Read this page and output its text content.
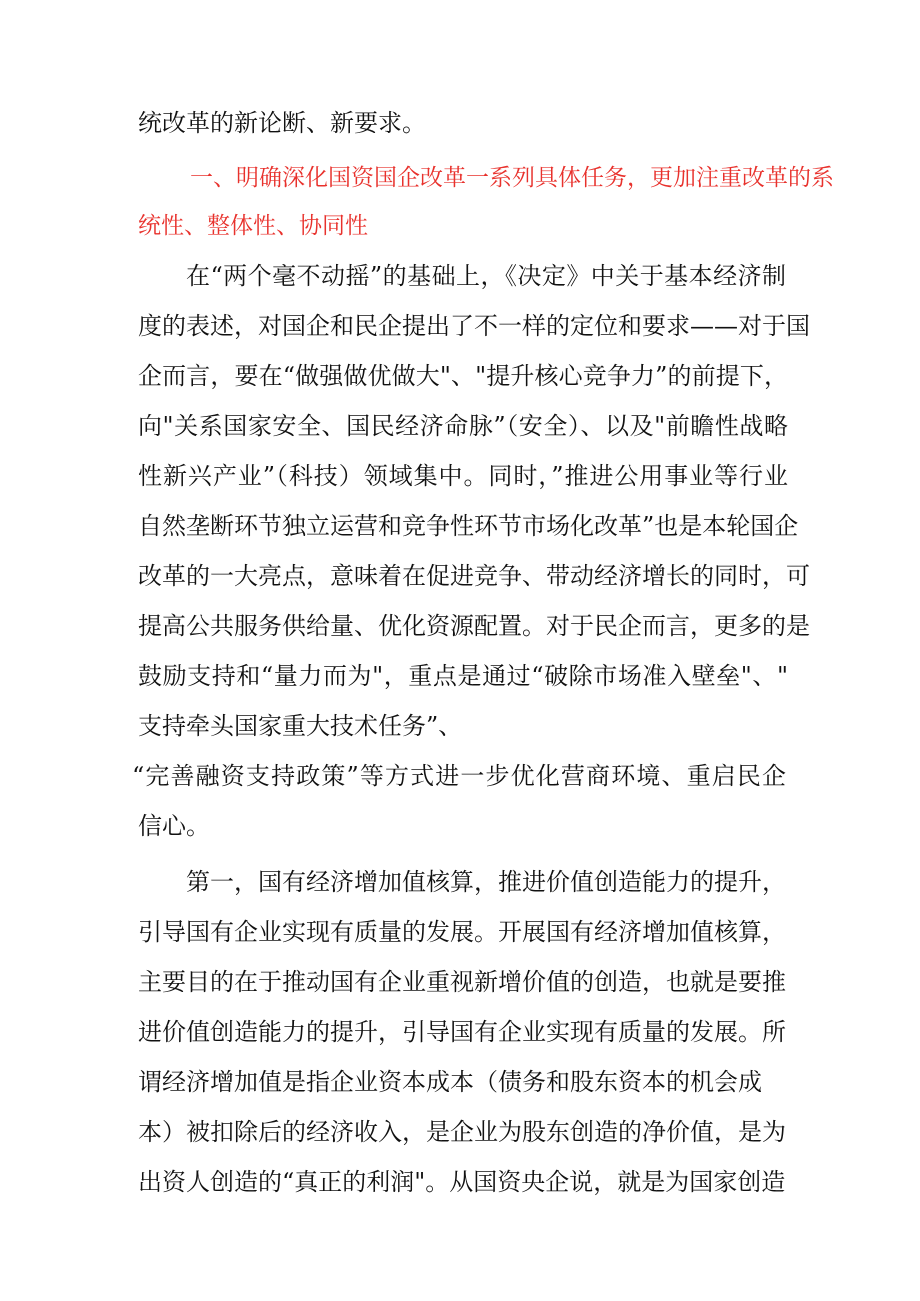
统改革的新论断、新要求。

一、明确深化国资国企改革一系列具体任务，更加注重改革的系

统性、整体性、协同性

在“两个毫不动摇”的基础上，《决定》中关于基本经济制

度的表述，对国企和民企提出了不一样的定位和要求——对于国

企而言，要在“做强做优做大"、"提升核心竞争力”的前提下，

向"关系国家安全、国民经济命脉”（安全）、以及"前瞻性战略

性新兴产业”（科技）领域集中。同时，”推进公用事业等行业

自然垄断环节独立运营和竞争性环节市场化改革”也是本轮国企

改革的一大亮点，意味着在促进竞争、带动经济增长的同时，可

提高公共服务供给量、优化资源配置。对于民企而言，更多的是

鼓励支持和“量力而为"，重点是通过“破除市场准入壁垒"、"

支持牵头国家重大技术任务”、

“完善融资支持政策”等方式进一步优化营商环境、重启民企

信心。

第一，国有经济增加值核算，推进价值创造能力的提升，

引导国有企业实现有质量的发展。开展国有经济增加值核算，

主要目的在于推动国有企业重视新增价值的创造，也就是要推

进价值创造能力的提升，引导国有企业实现有质量的发展。所

谓经济增加值是指企业资本成本（债务和股东资本的机会成

本）被扣除后的经济收入，是企业为股东创造的净价值，是为

出资人创造的“真正的利润"。从国资央企说，就是为国家创造
